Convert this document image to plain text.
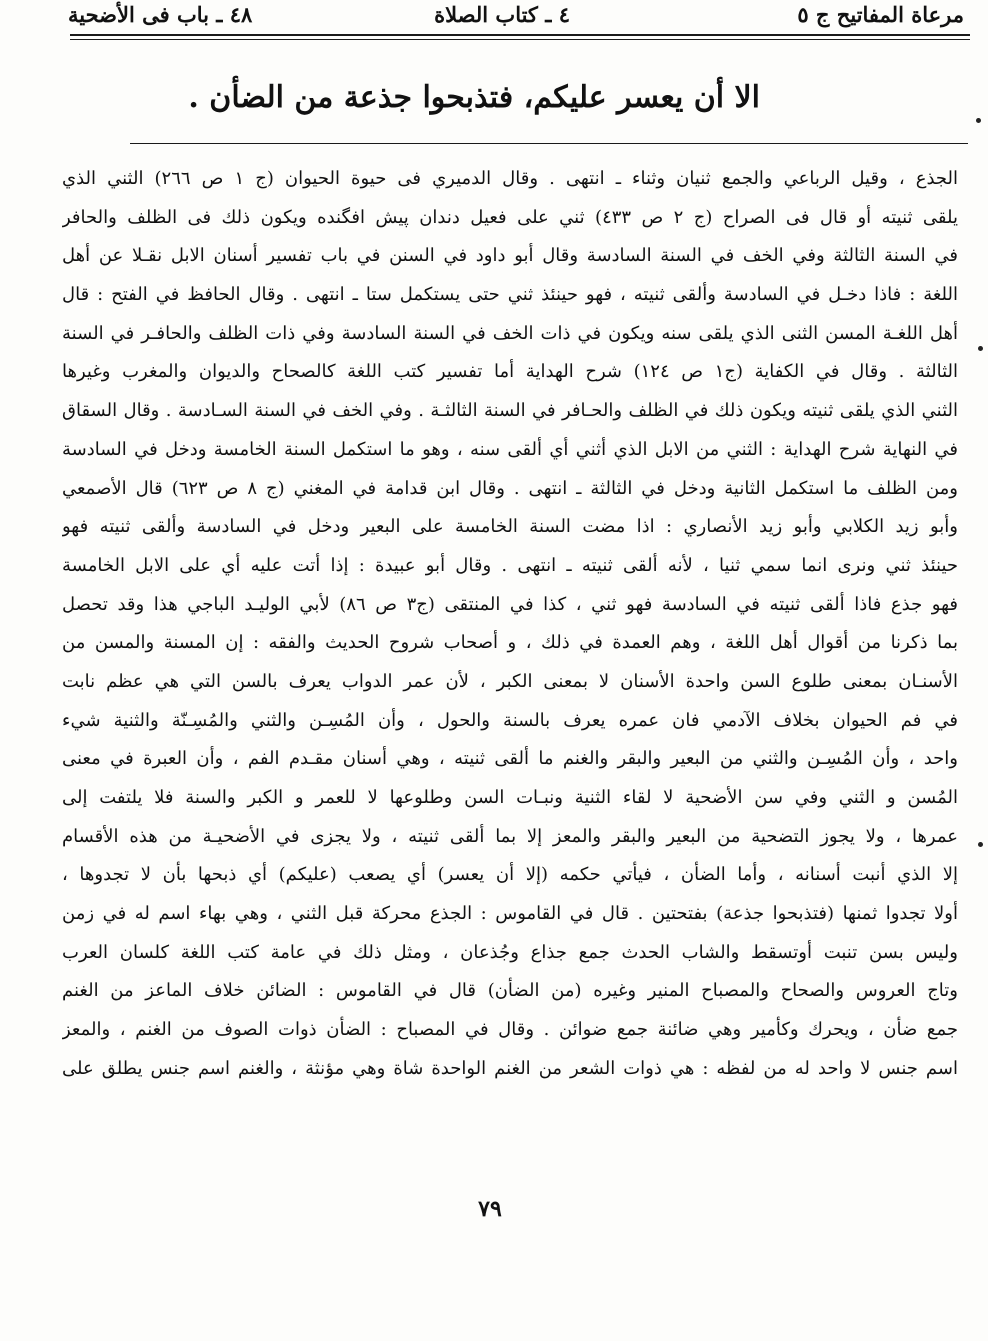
مرعاة المفاتيح ج ٥
٤ ـ كتاب الصلاة
٤٨ ـ باب فى الأضحية
الا أن يعسر عليكم، فتذبحوا جذعة من الضأن .
الجذع ، وقيل الرباعي والجمع ثنيان وثناء ـ انتهى . وقال الدميري فى حيوة الحيوان (ج ١ ص ٢٦٦) الثني الذي
يلقى ثنيته أو قال فى الصراح (ج ٢ ص ٤٣٣) ثني على فعيل دندان پيش افگنده ويكون ذلك فى الظلف والحافر
في السنة الثالثة وفي الخف في السنة السادسة وقال أبو داود في السنن في باب تفسير أسنان الابل نقـلا عن أهل
اللغة : فاذا دخـل في السادسة وألقى ثنيته ، فهو حينئذ ثني حتى يستكمل ستا ـ انتهى . وقال الحافظ في الفتح : قال
أهل اللغـة المسن الثنى الذي يلقى سنه ويكون في ذات الخف في السنة السادسة وفي ذات الظلف والحافـر في السنة
الثالثة . وقال في الكفاية (ج١ ص ١٢٤) شرح الهداية أما تفسير كتب اللغة كالصحاح والديوان والمغرب وغيرها
الثني الذي يلقى ثنيته ويكون ذلك في الظلف والحـافر في السنة الثالثـة . وفي الخف في السنة السـادسة . وقال السقاق
في النهاية شرح الهداية : الثني من الابل الذي أثني أي ألقى سنه ، وهو ما استكمل السنة الخامسة ودخل في السادسة
ومن الظلف ما استكمل الثانية ودخل في الثالثة ـ انتهى . وقال ابن قدامة في المغني (ج ٨ ص ٦٢٣) قال الأصمعي
وأبو زيد الكلابي وأبو زيد الأنصاري : اذا مضت السنة الخامسة على البعير ودخل في السادسة وألقى ثنيته فهو
حينئذ ثني ونرى انما سمي ثنيا ، لأنه ألقى ثنيته ـ انتهى . وقال أبو عبيدة : إذا أتت عليه أي على الابل الخامسة
فهو جذع فاذا ألقى ثنيته في السادسة فهو ثني ، كذا في المنتقى (ج٣ ص ٨٦) لأبي الوليـد الباجي هذا وقد تحصل
بما ذكرنا من أقوال أهل اللغة ، وهم العمدة في ذلك ، و أصحاب شروح الحديث والفقه : إن المسنة والمسن من
الأسنـان بمعنى طلوع السن واحدة الأسنان لا بمعنى الكبر ، لأن عمر الدواب يعرف بالسن التي هي عظم نابت
في فم الحيوان بخلاف الآدمي فان عمره يعرف بالسنة والحول ، وأن المُسِـن والثني والمُسِـنّة والثنية شيء
واحد ، وأن المُسِـن والثني من البعير والبقر والغنم ما ألقى ثنيته ، وهي أسنان مقـدم الفم ، وأن العبرة في معنى
المُسن و الثني وفي سن الأضحية لا لقاء الثنية ونبـات السن وطلوعها لا للعمر و الكبر والسنة فلا يلتفت إلى
عمرها ، ولا يجوز التضحية من البعير والبقر والمعز إلا بما ألقى ثنيته ، ولا يجزى في الأضحيـة من هذه الأقسام
إلا الذي أنبت أسنانه ، وأما الضأن ، فيأتي حكمه (إلا أن يعسر) أي يصعب (عليكم) أي ذبحها بأن لا تجدوها ،
أولا تجدوا ثمنها (فتذبحوا جذعة) بفتحتين . قال في القاموس : الجذع محركة قبل الثني ، وهي بهاء اسم له في زمن
وليس بسن تنبت أوتسقط والشاب الحدث جمع جذاع وجُذعان ، ومثل ذلك في عامة كتب اللغة كلسان العرب
وتاج العروس والصحاح والمصباح المنير وغيره (من الضأن) قال في القاموس : الضائن خلاف الماعز من الغنم
جمع ضأن ، ويحرك وكأمير وهي ضائنة جمع ضوائن . وقال في المصباح : الضأن ذوات الصوف من الغنم ، والمعز
اسم جنس لا واحد له من لفظه : هي ذوات الشعر من الغنم الواحدة شاة وهي مؤنثة ، والغنم اسم جنس يطلق على
٧٩
